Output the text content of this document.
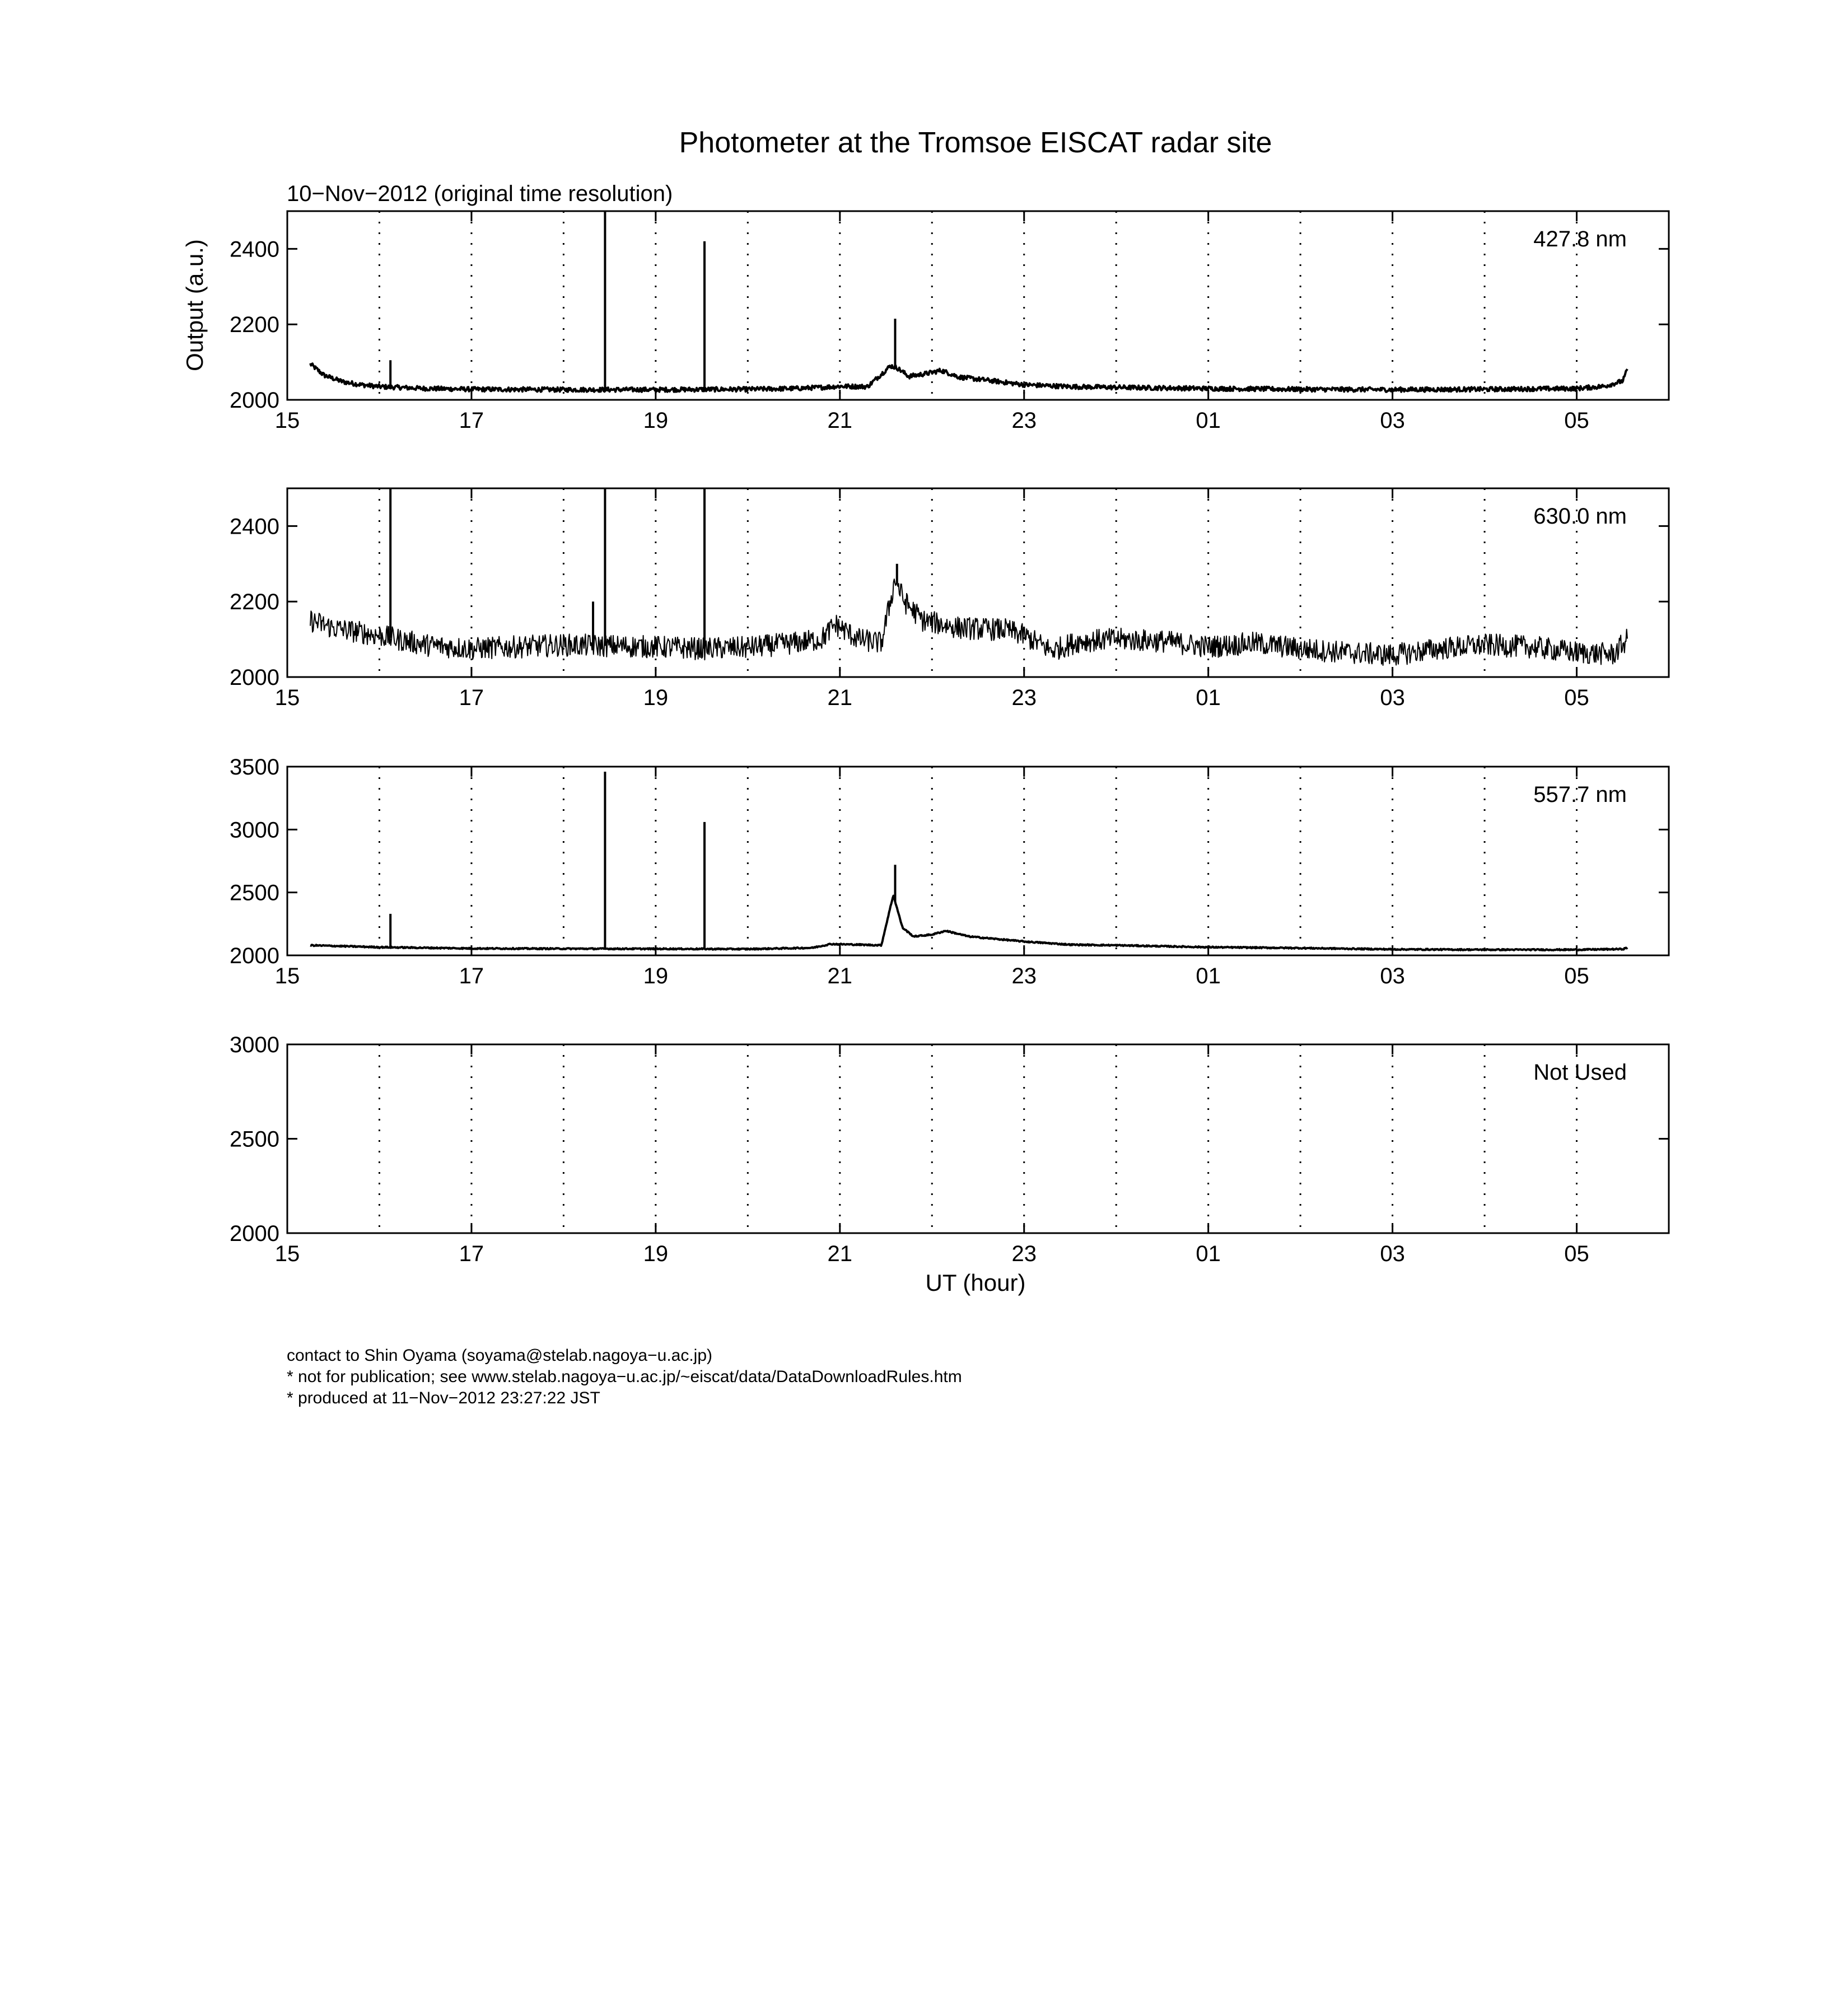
Photometer at the Tromsoe EISCAT radar site
10−Nov−2012 (original time resolution)
Output (a.u.)
UT (hour)
15	17	19	21	23	01	03	05
2000
2200
2400	427.8 nm
15	17	19	21	23	01	03	05
2000
2200
2400	630.0 nm
15	17	19	21	23	01	03	05
2000
2500
3000
3500
557.7 nm
15	17	19	21	23	01	03	05
2000
2500
3000
Not Used
contact to Shin Oyama (soyama@stelab.nagoya−u.ac.jp)
* not for publication; see www.stelab.nagoya−u.ac.jp/~eiscat/data/DataDownloadRules.htm
* produced at 11−Nov−2012 23:27:22 JST
